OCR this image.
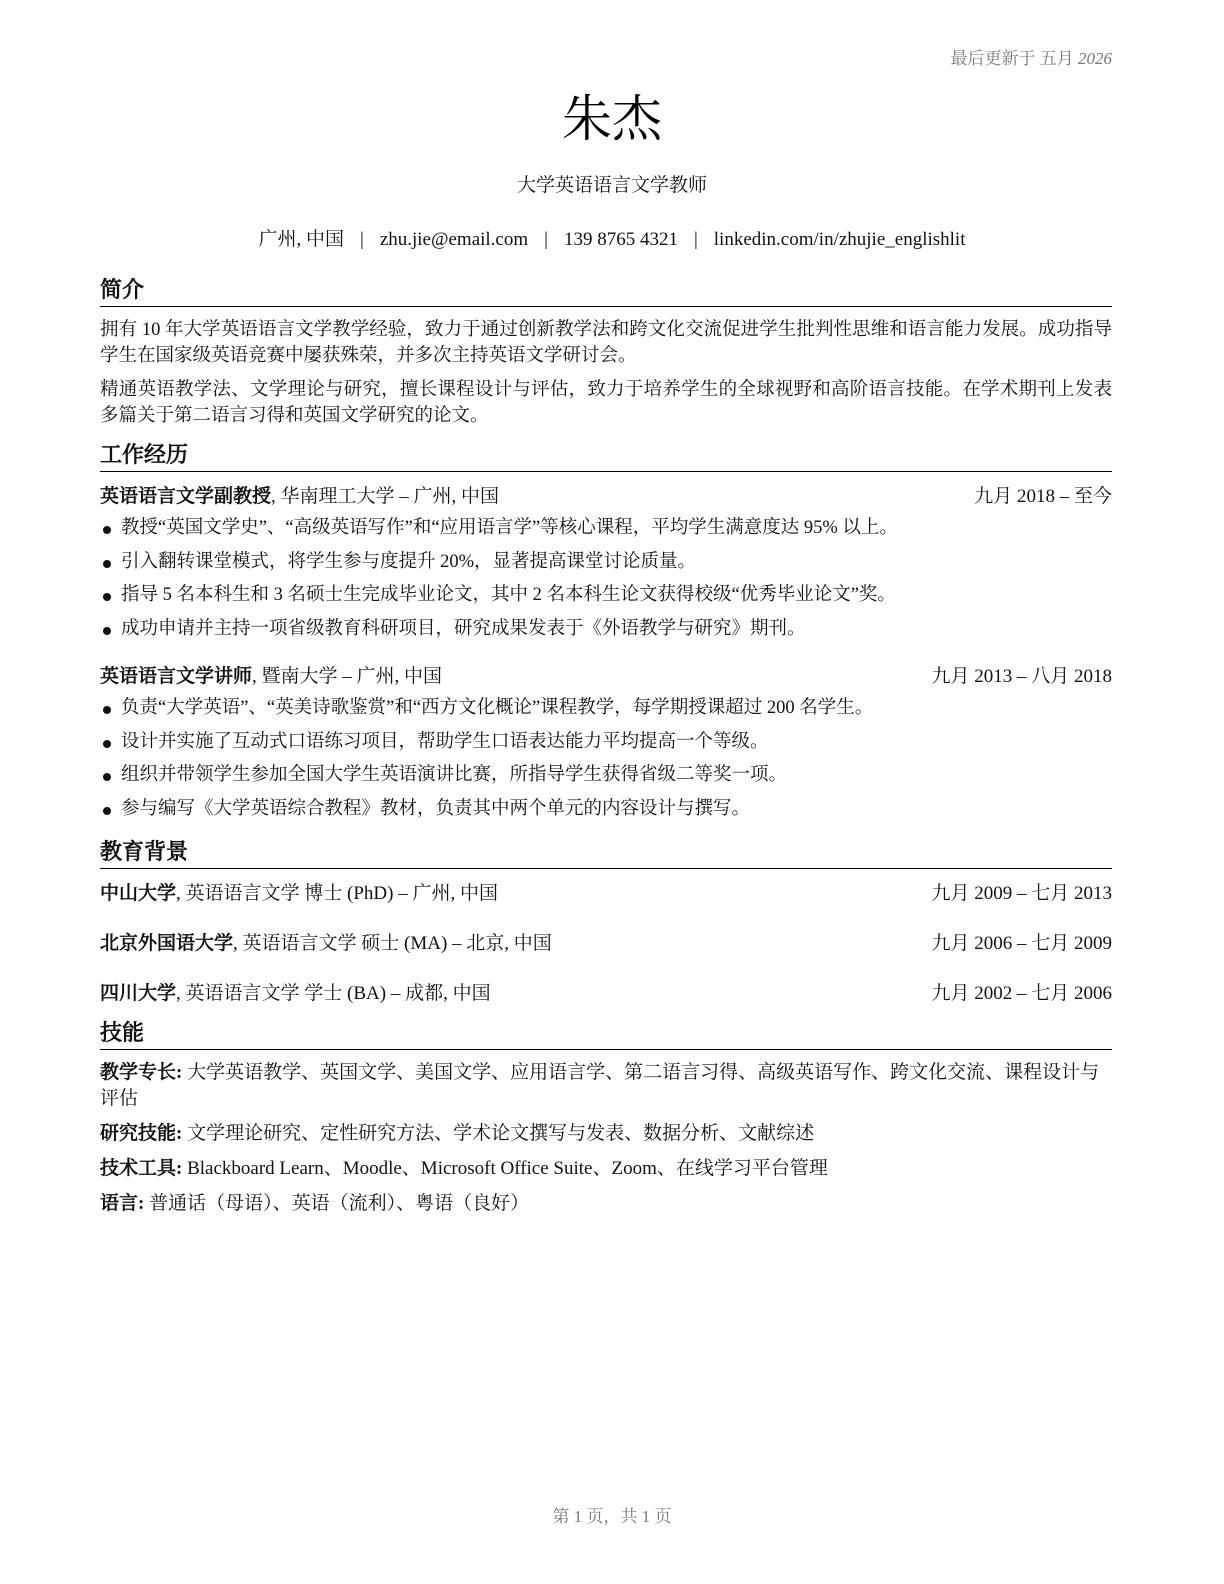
最后更新于 五月 2026
朱杰
大学英语语言文学教师
广州, 中国 | zhu.jie@email.com | 139 8765 4321 | linkedin.com/in/zhujie_englishlit
简介

拥有 10 年大学英语语言文学教学经验，致力于通过创新教学法和跨文化交流促进学生批判性思维和语言能力发展。成功指导学生在国家级英语竞赛中屡获殊荣，并多次主持英语文学研讨会。

精通英语教学法、文学理论与研究，擅长课程设计与评估，致力于培养学生的全球视野和高阶语言技能。在学术期刊上发表多篇关于第二语言习得和英国文学研究的论文。

工作经历
英语语言文学副教授, 华南理工大学 – 广州, 中国	九月 2018 – 至今
教授“英国文学史”、“高级英语写作”和“应用语言学”等核心课程，平均学生满意度达 95% 以上。
引入翻转课堂模式，将学生参与度提升 20%，显著提高课堂讨论质量。
指导 5 名本科生和 3 名硕士生完成毕业论文，其中 2 名本科生论文获得校级“优秀毕业论文”奖。
成功申请并主持一项省级教育科研项目，研究成果发表于《外语教学与研究》期刊。
英语语言文学讲师, 暨南大学 – 广州, 中国	九月 2013 – 八月 2018
负责“大学英语”、“英美诗歌鉴赏”和“西方文化概论”课程教学，每学期授课超过 200 名学生。
设计并实施了互动式口语练习项目，帮助学生口语表达能力平均提高一个等级。
组织并带领学生参加全国大学生英语演讲比赛，所指导学生获得省级二等奖一项。
参与编写《大学英语综合教程》教材，负责其中两个单元的内容设计与撰写。
教育背景
中山大学, 英语语言文学 博士 (PhD) – 广州, 中国	九月 2009 – 七月 2013
北京外国语大学, 英语语言文学 硕士 (MA) – 北京, 中国	九月 2006 – 七月 2009
四川大学, 英语语言文学 学士 (BA) – 成都, 中国	九月 2002 – 七月 2006
技能

教学专长: 大学英语教学、英国文学、美国文学、应用语言学、第二语言习得、高级英语写作、跨文化交流、课程设计与评估

研究技能: 文学理论研究、定性研究方法、学术论文撰写与发表、数据分析、文献综述

技术工具: Blackboard Learn、Moodle、Microsoft Office Suite、Zoom、在线学习平台管理

语言: 普通话（母语）、英语（流利）、粤语（良好）

第 1 页，共 1 页
